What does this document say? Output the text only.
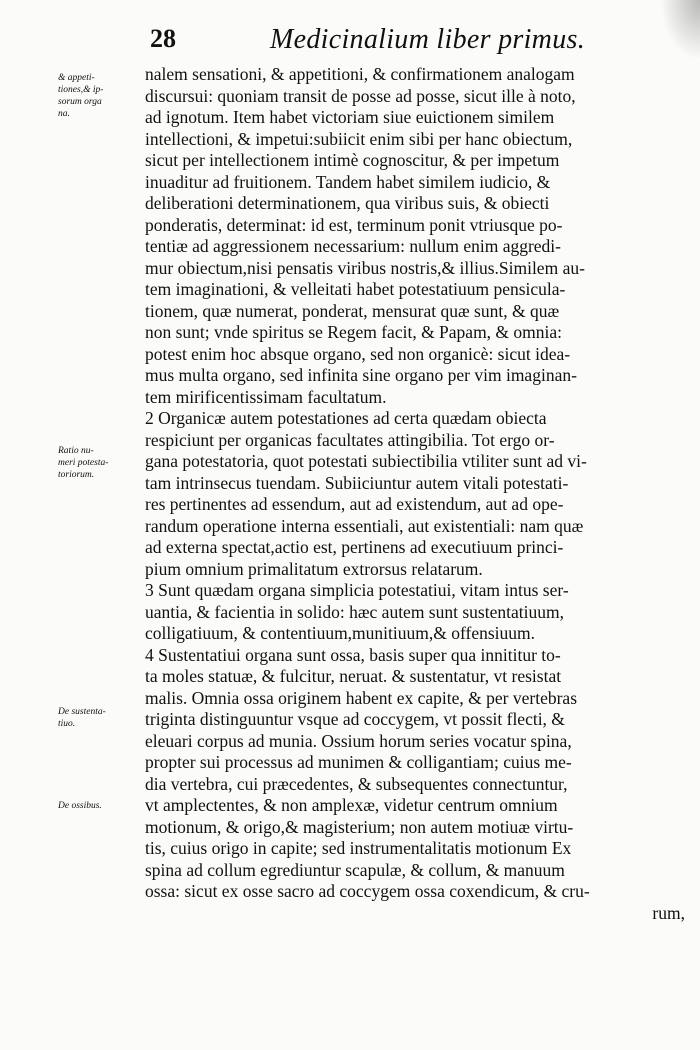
28	Medicinalium liber primus.
& appeti-
tiones,& ip-
sorum orga
na.
Ratio nu-
meri potesta-
toriorum.
De sustenta-
tiuo.
De ossibus.
nalem sensationi, & appetitioni, & confirmationem analogam
discursui: quoniam transit de posse ad posse, sicut ille à noto,
ad ignotum. Item habet victoriam siue euictionem similem
intellectioni, & impetui:subiicit enim sibi per hanc obiectum,
sicut per intellectionem intimè cognoscitur, & per impetum
inuaditur ad fruitionem. Tandem habet similem iudicio, &
deliberationi determinationem, qua viribus suis, & obiecti
ponderatis, determinat: id est, terminum ponit vtriusque po-
tentiæ ad aggressionem necessarium: nullum enim aggredi-
mur obiectum,nisi pensatis viribus nostris,& illius.Similem au-
tem imaginationi, & velleitati habet potestatiuum pensicula-
tionem, quæ numerat, ponderat, mensurat quæ sunt, & quæ
non sunt; vnde spiritus se Regem facit, & Papam, & omnia:
potest enim hoc absque organo, sed non organicè: sicut idea-
mus multa organo, sed infinita sine organo per vim imaginan-
tem mirificentissimam facultatum.
2 Organicæ autem potestationes ad certa quædam obiecta
respiciunt per organicas facultates attingibilia. Tot ergo or-
gana potestatoria, quot potestati subiectibilia vtiliter sunt ad vi-
tam intrinsecus tuendam. Subiiciuntur autem vitali potestati-
res pertinentes ad essendum, aut ad existendum, aut ad ope-
randum operatione interna essentiali, aut existentiali: nam quæ
ad externa spectat,actio est, pertinens ad executiuum princi-
pium omnium primalitatum extrorsus relatarum.
3 Sunt quædam organa simplicia potestatiui, vitam intus ser-
uantia, & facientia in solido: hæc autem sunt sustentatiuum,
colligatiuum, & contentiuum,munitiuum,& offensiuum.
4 Sustentatiui organa sunt ossa, basis super qua innititur to-
ta moles statuæ, & fulcitur, neruat. & sustentatur, vt resistat
malis. Omnia ossa originem habent ex capite, & per vertebras
triginta distinguuntur vsque ad coccygem, vt possit flecti, &
eleuari corpus ad munia. Ossium horum series vocatur spina,
propter sui processus ad munimen & colligantiam; cuius me-
dia vertebra, cui præcedentes, & subsequentes connectuntur,
vt amplectentes, & non amplexæ, videtur centrum omnium
motionum, & origo,& magisterium; non autem motiuæ virtu-
tis, cuius origo in capite; sed instrumentalitatis motionum Ex
spina ad collum egrediuntur scapulæ, & collum, & manuum
ossa: sicut ex osse sacro ad coccygem ossa coxendicum, & cru-
rum,
